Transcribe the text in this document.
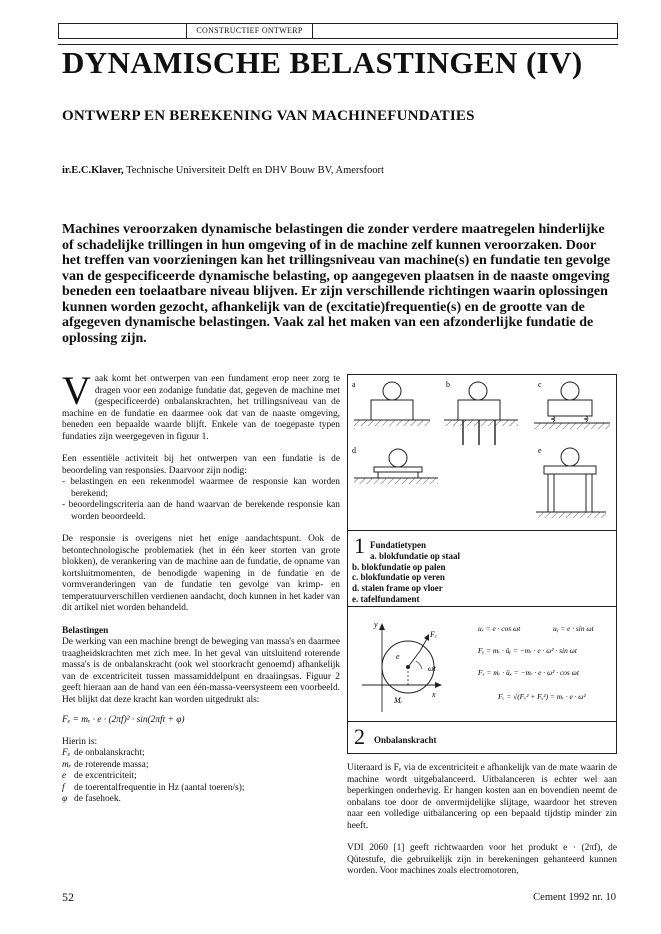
CONSTRUCTIEF ONTWERP
DYNAMISCHE BELASTINGEN (IV)
ONTWERP EN BEREKENING VAN MACHINEFUNDATIES
ir.E.C.Klaver, Technische Universiteit Delft en DHV Bouw BV, Amersfoort
Machines veroorzaken dynamische belastingen die zonder verdere maatregelen hinderlijke of schadelijke trillingen in hun omgeving of in de machine zelf kunnen veroorzaken. Door het treffen van voorzieningen kan het trillingsniveau van machine(s) en fundatie ten gevolge van de gespecificeerde dynamische belasting, op aangegeven plaatsen in de naaste omgeving beneden een toelaatbare niveau blijven. Er zijn verschillende richtingen waarin oplossingen kunnen worden gezocht, afhankelijk van de (excitatie)frequentie(s) en de grootte van de afgegeven dynamische belastingen. Vaak zal het maken van een afzonderlijke fundatie de oplossing zijn.

Vaak komt het ontwerpen van een fundament erop neer zorg te dragen voor een zodanige fundatie dat, gegeven de machine met (gespecificeerde) onbalanskrachten, het trillingsniveau van de machine en de fundatie en daarmee ook dat van de naaste omgeving, beneden een bepaalde waarde blijft. Enkele van de toegepaste typen fundaties zijn weergegeven in figuur 1.

Een essentiële activiteit bij het ontwerpen van een fundatie is de beoordeling van responsies. Daarvoor zijn nodig:

- belastingen en een rekenmodel waarmee de responsie kan worden berekend;
- beoordelingscriteria aan de hand waarvan de berekende responsie kan worden beoordeeld.

De responsie is overigens niet het enige aandachtspunt. Ook de betontechnologische problematiek (het in één keer storten van grote blokken), de verankering van de machine aan de fundatie, de opname van kortsluitmomenten, de benodigde wapening in de fundatie en de vormveranderingen van de fundatie ten gevolge van krimp- en temperatuurverschillen verdienen aandacht, doch kunnen in het kader van dit artikel niet worden behandeld.

Belastingen

De werking van een machine brengt de beweging van massa's en daarmee traagheidskrachten met zich mee. In het geval van uitsluitend roterende massa's is de onbalanskracht (ook wel stoorkracht genoemd) afhankelijk van de excentriciteit tussen massamiddelpunt en draaiingsas. Figuur 2 geeft hieraan aan de hand van een één-massa-veersysteem een voorbeeld. Het blijkt dat deze kracht kan worden uitgedrukt als:

Fₑ = mᵣ · e · (2πf)² · sin(2πft + φ)
Hierin is:
Fₑ de onbalanskracht;
mᵣ de roterende massa;
e de excentriciteit;
f de toerentalfrequentie in Hz (aantal toeren/s);
φ de fasehoek.
a	b	c
d	e
1 Fundatietypen
a. blokfundatie op staal
b. blokfundatie op palen
c. blokfundatie op veren
d. stalen frame op vloer
e. tafelfundament
y
x
Fₑ
e
ωt
Mᵣ
uₓ = e · cos ωt	uᵧ = e · sin ωt
Fᵧ = mᵣ · üᵧ = −mᵣ · e · ω² · sin ωt
Fₓ = mᵣ · üₓ = −mᵣ · e · ω² · cos ωt
Fₑ = √(Fₓ² + Fᵧ²) = mᵣ · e · ω²
2 Onbalanskracht

Uiteraard is Fₑ via de excentriciteit e afhankelijk van de mate waarin de machine wordt uitgebalanceerd. Uitbalanceren is echter wel aan beperkingen onderhevig. Er hangen kosten aan en bovendien neemt de onbalans toe door de onvermijdelijke slijtage, waardoor het streven naar een volledige uitbalancering op een bepaald tijdstip minder zin heeft.

VDI 2060 [1] geeft richtwaarden voor het produkt e · (2πf), de Qütestufe, die gebruikelijk zijn in berekeningen gehanteerd kunnen worden. Voor machines zoals electromotoren,

52	Cement 1992 nr. 10
